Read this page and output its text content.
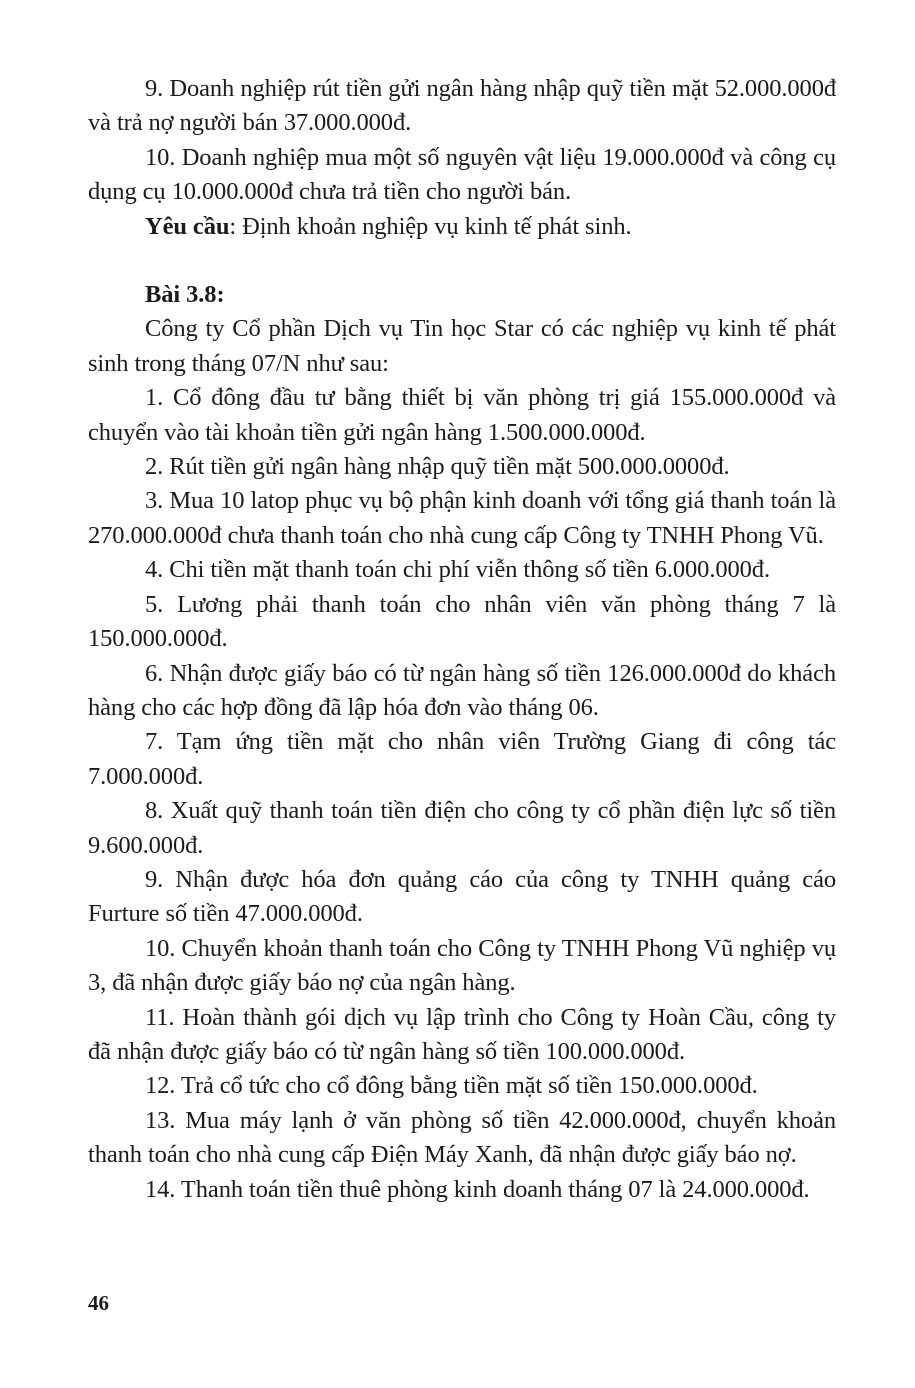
9. Doanh nghiệp rút tiền gửi ngân hàng nhập quỹ tiền mặt 52.000.000đ và trả nợ người bán 37.000.000đ.

10. Doanh nghiệp mua một số nguyên vật liệu 19.000.000đ và công cụ dụng cụ 10.000.000đ chưa trả tiền cho người bán.

Yêu cầu: Định khoản nghiệp vụ kinh tế phát sinh.

Bài 3.8:

Công ty Cổ phần Dịch vụ Tin học Star có các nghiệp vụ kinh tế phát sinh trong tháng 07/N như sau:

1. Cổ đông đầu tư bằng thiết bị văn phòng trị giá 155.000.000đ và chuyển vào tài khoản tiền gửi ngân hàng 1.500.000.000đ.

2. Rút tiền gửi ngân hàng nhập quỹ tiền mặt 500.000.0000đ.

3. Mua 10 latop phục vụ bộ phận kinh doanh với tổng giá thanh toán là 270.000.000đ chưa thanh toán cho nhà cung cấp Công ty TNHH Phong Vũ.

4. Chi tiền mặt thanh toán chi phí viễn thông số tiền 6.000.000đ.

5. Lương phải thanh toán cho nhân viên văn phòng tháng 7 là 150.000.000đ.

6. Nhận được giấy báo có từ ngân hàng số tiền 126.000.000đ do khách hàng cho các hợp đồng đã lập hóa đơn vào tháng 06.

7. Tạm ứng tiền mặt cho nhân viên Trường Giang đi công tác 7.000.000đ.

8. Xuất quỹ thanh toán tiền điện cho công ty cổ phần điện lực số tiền 9.600.000đ.

9. Nhận được hóa đơn quảng cáo của công ty TNHH quảng cáo Furture số tiền 47.000.000đ.

10. Chuyển khoản thanh toán cho Công ty TNHH Phong Vũ nghiệp vụ 3, đã nhận được giấy báo nợ của ngân hàng.

11. Hoàn thành gói dịch vụ lập trình cho Công ty Hoàn Cầu, công ty đã nhận được giấy báo có từ ngân hàng số tiền 100.000.000đ.

12. Trả cổ tức cho cổ đông bằng tiền mặt số tiền 150.000.000đ.

13. Mua máy lạnh ở văn phòng số tiền 42.000.000đ, chuyển khoản thanh toán cho nhà cung cấp Điện Máy Xanh, đã nhận được giấy báo nợ.

14. Thanh toán tiền thuê phòng kinh doanh tháng 07 là 24.000.000đ.

46
